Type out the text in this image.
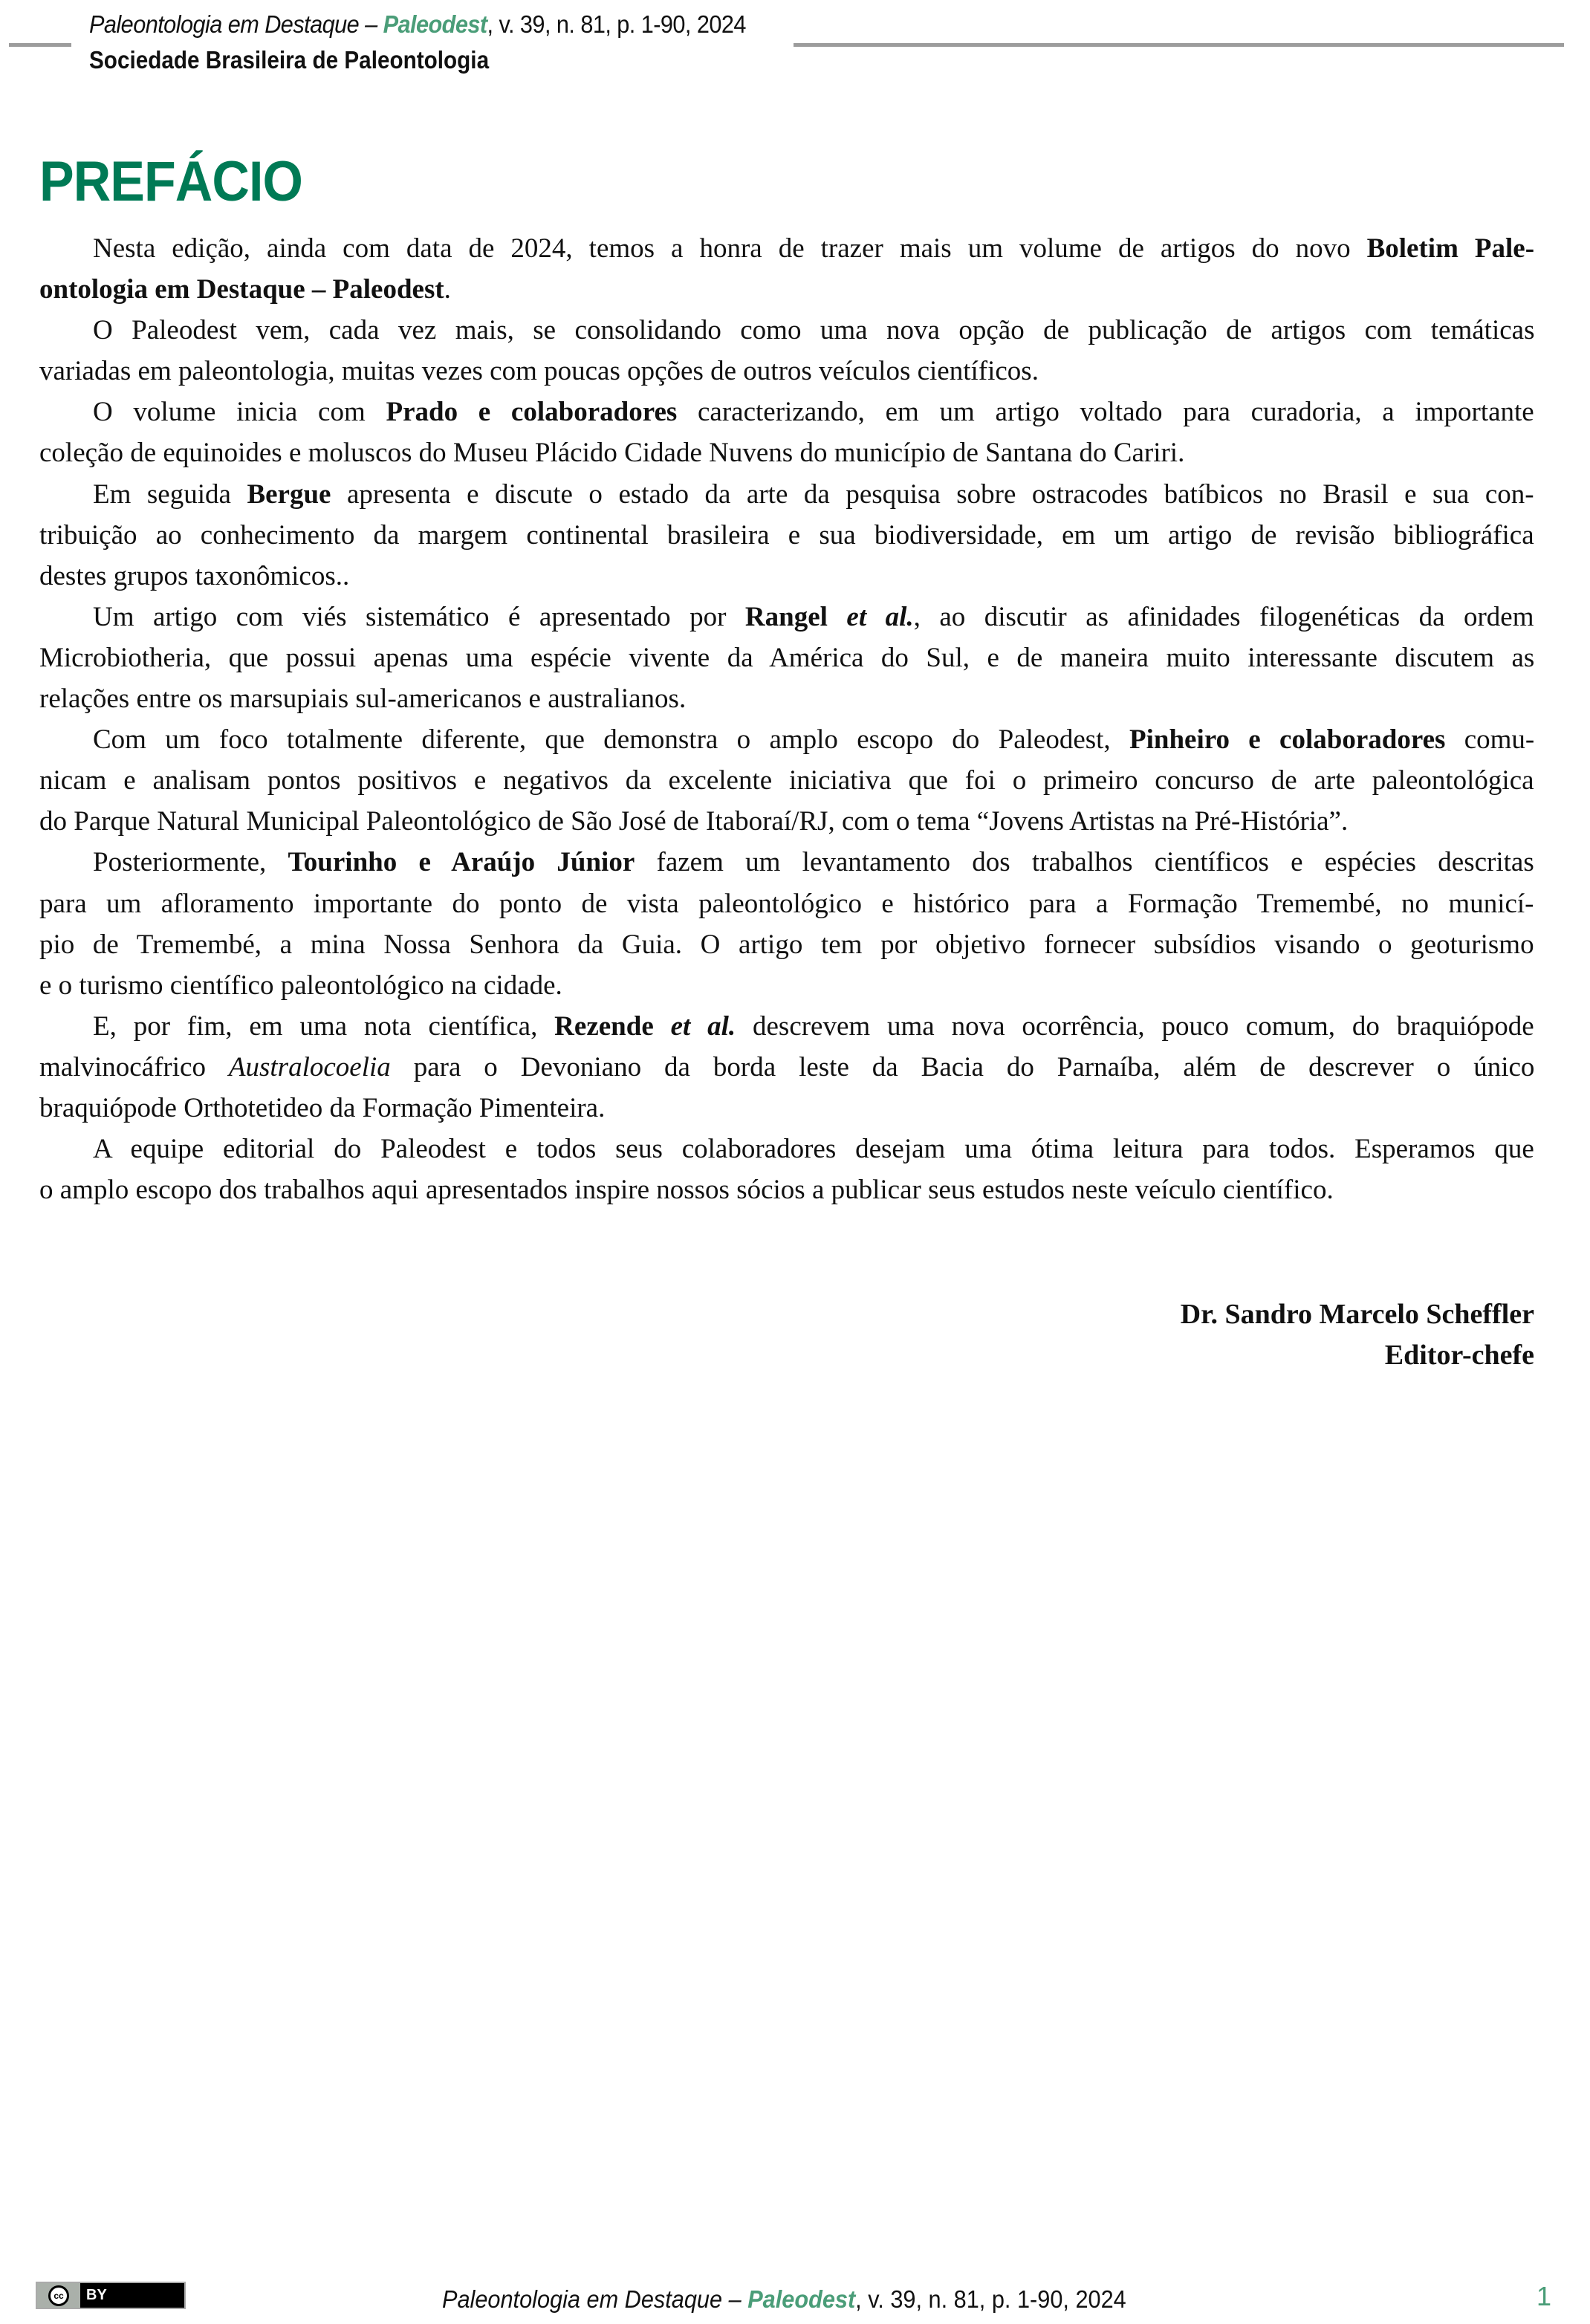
Paleontologia em Destaque – Paleodest, v. 39, n. 81, p. 1-90, 2024
Sociedade Brasileira de Paleontologia
PREFÁCIO
Nesta edição, ainda com data de 2024, temos a honra de trazer mais um volume de artigos do novo Boletim Pale-
ontologia em Destaque – Paleodest.
O Paleodest vem, cada vez mais, se consolidando como uma nova opção de publicação de artigos com temáticas
variadas em paleontologia, muitas vezes com poucas opções de outros veículos científicos.
O volume inicia com Prado e colaboradores caracterizando, em um artigo voltado para curadoria, a importante
coleção de equinoides e moluscos do Museu Plácido Cidade Nuvens do município de Santana do Cariri.
Em seguida Bergue apresenta e discute o estado da arte da pesquisa sobre ostracodes batíbicos no Brasil e sua con-
tribuição ao conhecimento da margem continental brasileira e sua biodiversidade, em um artigo de revisão bibliográfica
destes grupos taxonômicos..
Um artigo com viés sistemático é apresentado por Rangel et al., ao discutir as afinidades filogenéticas da ordem
Microbiotheria, que possui apenas uma espécie vivente da América do Sul, e de maneira muito interessante discutem as
relações entre os marsupiais sul-americanos e australianos.
Com um foco totalmente diferente, que demonstra o amplo escopo do Paleodest, Pinheiro e colaboradores comu-
nicam e analisam pontos positivos e negativos da excelente iniciativa que foi o primeiro concurso de arte paleontológica
do Parque Natural Municipal Paleontológico de São José de Itaboraí/RJ, com o tema “Jovens Artistas na Pré-História”.
Posteriormente, Tourinho e Araújo Júnior fazem um levantamento dos trabalhos científicos e espécies descritas
para um afloramento importante do ponto de vista paleontológico e histórico para a Formação Tremembé, no municí-
pio de Tremembé, a mina Nossa Senhora da Guia. O artigo tem por objetivo fornecer subsídios visando o geoturismo
e o turismo científico paleontológico na cidade.
E, por fim, em uma nota científica, Rezende et al. descrevem uma nova ocorrência, pouco comum, do braquiópode
malvinocáfrico Australocoelia para o Devoniano da borda leste da Bacia do Parnaíba, além de descrever o único
braquiópode Orthotetideo da Formação Pimenteira.
A equipe editorial do Paleodest e todos seus colaboradores desejam uma ótima leitura para todos. Esperamos que
o amplo escopo dos trabalhos aqui apresentados inspire nossos sócios a publicar seus estudos neste veículo científico.
Dr. Sandro Marcelo Scheffler
Editor-chefe
cc	BY	Paleontologia em Destaque – Paleodest, v. 39, n. 81, p. 1-90, 2024	1
